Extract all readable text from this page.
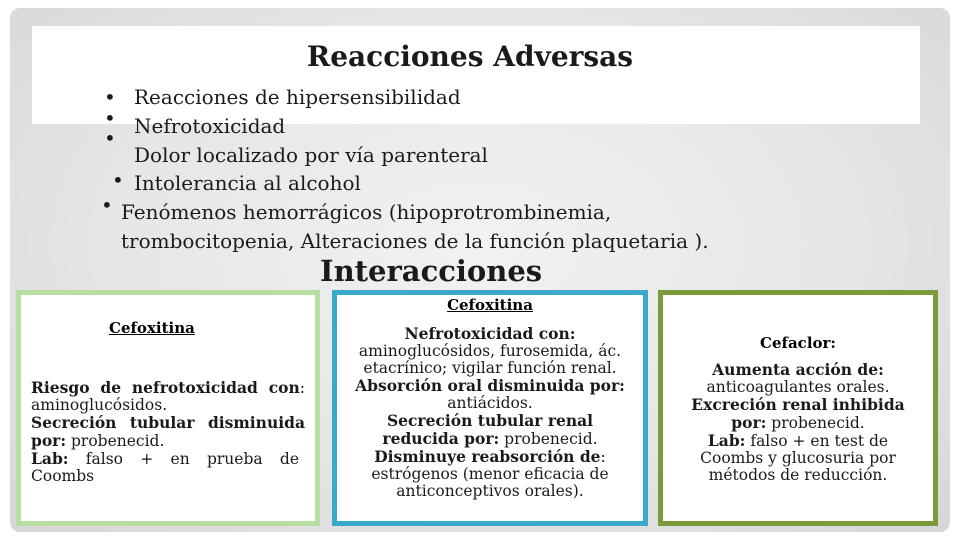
Reacciones Adversas
•
•
•
•
•
Reacciones de hipersensibilidad
Nefrotoxicidad
Dolor localizado por vía parenteral
Intolerancia al alcohol
Fenómenos hemorrágicos (hipoprotrombinemia,
trombocitopenia, Alteraciones de la función plaquetaria ).
Interacciones
Cefoxitina

Riesgo de nefrotoxicidad con: aminoglucósidos.

Secreción tubular disminuida por: probenecid.

Lab: falso + en prueba de Coombs

Cefoxitina

Nefrotoxicidad con: aminoglucósidos, furosemida, ác. etacrínico; vigilar función renal.

Absorción oral disminuida por: antiácidos.

Secreción tubular renal reducida por: probenecid.

Disminuye reabsorción de: estrógenos (menor eficacia de anticonceptivos orales).

Cefaclor:

Aumenta acción de: anticoagulantes orales.

Excreción renal inhibida por: probenecid.

Lab: falso + en test de Coombs y glucosuria por métodos de reducción.
